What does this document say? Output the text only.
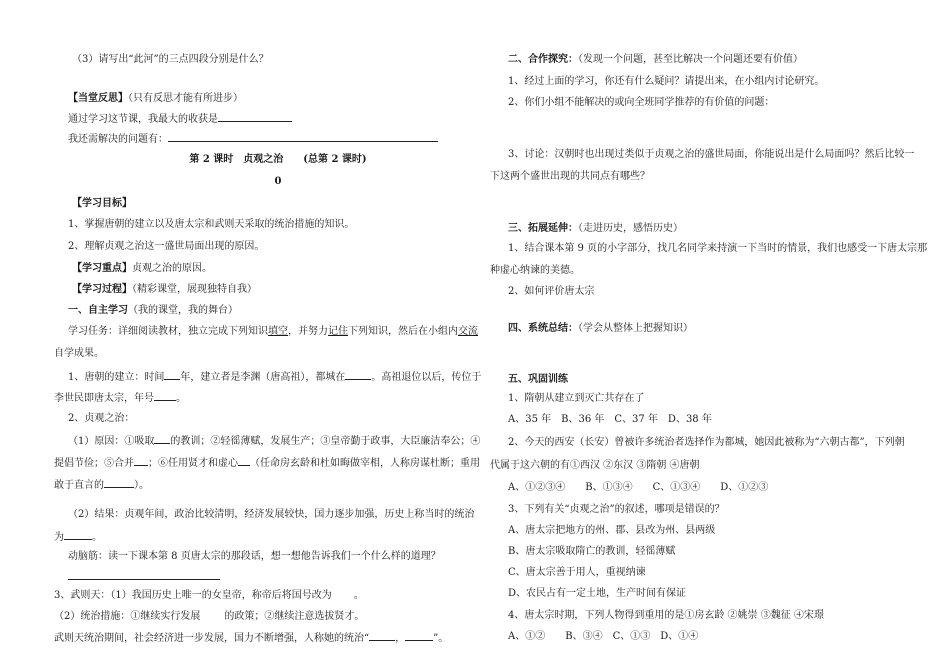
（3）请写出“此河”的三点四段分别是什么？
【当堂反思】（只有反思才能有所进步）
通过学习这节课，我最大的收获是
我还需解决的问题有：
第 2 课时　贞观之治　　(总第 2 课时)
0
【学习目标】
1、掌握唐朝的建立以及唐太宗和武则天采取的统治措施的知识。
2、理解贞观之治这一盛世局面出现的原因。
【学习重点】贞观之治的原因。
【学习过程】（精彩课堂，展现独特自我）
一、自主学习（我的课堂，我的舞台）
学习任务：详细阅读教材，独立完成下列知识填空，并努力记住下列知识，然后在小组内交流
自学成果。
1、唐朝的建立：时间 年，建立者是李渊（唐高祖），都城在	。高祖退位以后，传位于
李世民即唐太宗，年号 。
2、贞观之治：
（1）原因：①吸取 的教训；②轻徭薄赋，发展生产；③皇帝勤于政事，大臣廉洁奉公；④
提倡节俭；⑤合并 ；⑥任用贤才和虚心 （任命房玄龄和杜如晦做宰相，人称房谋杜断；重用
敢于直言的	）。
（2）结果：贞观年间，政治比较清明，经济发展较快，国力逐步加强，历史上称当时的统治
为	。
动脑筋：读一下课本第 8 页唐太宗的那段话，想一想他告诉我们一个什么样的道理？
3、武则天：（1）我国历史上唯一的女皇帝，称帝后将国号改为 。
（2）统治措施：①继续实行发展 的政策；②继续注意选拔贤才。
武则天统治期间，社会经济进一步发展，国力不断增强，人称她的统治“	，	”。
二、合作探究：（发现一个问题，甚至比解决一个问题还要有价值）
1、经过上面的学习，你还有什么疑问？请提出来，在小组内讨论研究。
2、你们小组不能解决的或向全班同学推荐的有价值的问题：
3、讨论：汉朝时也出现过类似于贞观之治的盛世局面，你能说出是什么局面吗？然后比较一
下这两个盛世出现的共同点有哪些？
三、拓展延伸：（走进历史，感悟历史）
1、结合课本第 9 页的小字部分，找几名同学来持演一下当时的情景，我们也感受一下唐太宗那
种虚心纳谏的美德。
2、如何评价唐太宗
四、系统总结：（学会从整体上把握知识）
五、巩固训练
1、隋朝从建立到灭亡共存在了
A、35 年　B、36 年　C、37 年　D、38 年
2、今天的西安（长安）曾被许多统治者选择作为都城，她因此被称为“六朝古都”，下列朝
代属于这六朝的有①西汉 ②东汉 ③隋朝 ④唐朝
A、①②③④　　B、①③④　　C、①③④　　D、①②③
3、下列有关“贞观之治”的叙述，哪项是错误的？
A、唐太宗把地方的州、郡、县改为州、县两级
B、唐太宗吸取隋亡的教训，轻徭薄赋
C、唐太宗善于用人，重视纳谏
D、农民占有一定土地，生产时间有保证
4、唐太宗时期，下列人物得到重用的是①房玄龄 ②姚崇 ③魏征 ④宋璟
A、①②　　B、③④　C、①③　D、①④
